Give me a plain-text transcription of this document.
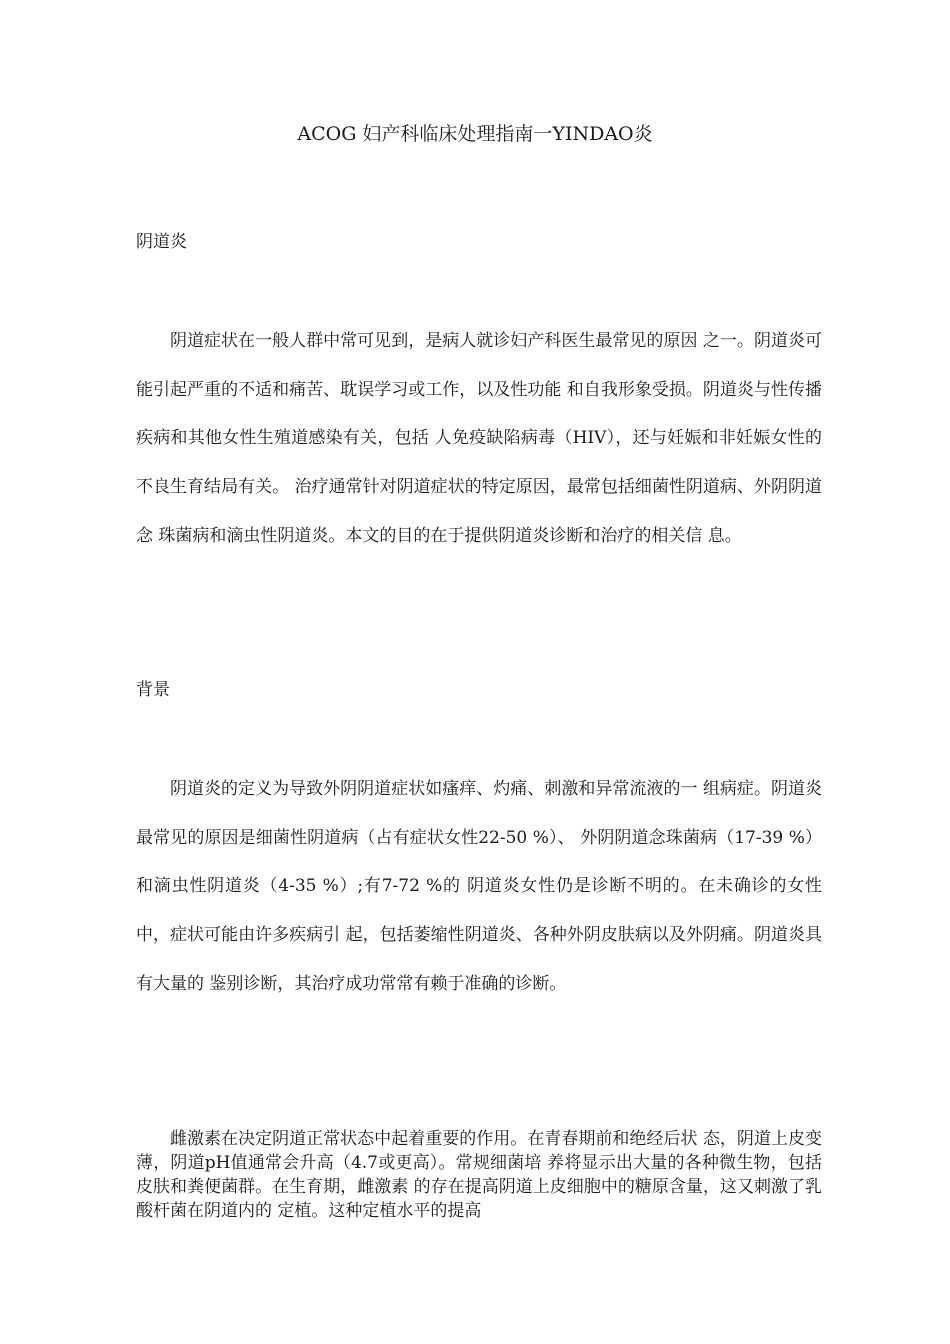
ACOG 妇产科临床处理指南一YINDAO炎
阴道炎

阴道症状在一般人群中常可见到，是病人就诊妇产科医生最常见的原因 之一。阴道炎可能引起严重的不适和痛苦、耽误学习或工作，以及性功能 和自我形象受损。阴道炎与性传播疾病和其他女性生殖道感染有关，包括 人免疫缺陷病毒（HIV），还与妊娠和非妊娠女性的不良生育结局有关。 治疗通常针对阴道症状的特定原因，最常包括细菌性阴道病、外阴阴道念 珠菌病和滴虫性阴道炎。本文的目的在于提供阴道炎诊断和治疗的相关信 息。

背景

阴道炎的定义为导致外阴阴道症状如瘙痒、灼痛、刺激和异常流液的一 组病症。阴道炎最常见的原因是细菌性阴道病（占有症状女性22-50 %）、 外阴阴道念珠菌病（17-39 %）和滴虫性阴道炎（4-35 %）;有7-72 %的 阴道炎女性仍是诊断不明的。在未确诊的女性中，症状可能由许多疾病引 起，包括萎缩性阴道炎、各种外阴皮肤病以及外阴痛。阴道炎具有大量的 鉴别诊断，其治疗成功常常有赖于准确的诊断。

雌激素在决定阴道正常状态中起着重要的作用。在青春期前和绝经后状 态，阴道上皮变薄，阴道pH值通常会升高（4.7或更高）。常规细菌培 养将显示出大量的各种微生物，包括皮肤和粪便菌群。在生育期，雌激素 的存在提高阴道上皮细胞中的糖原含量，这又刺激了乳酸杆菌在阴道内的 定植。这种定植水平的提高
